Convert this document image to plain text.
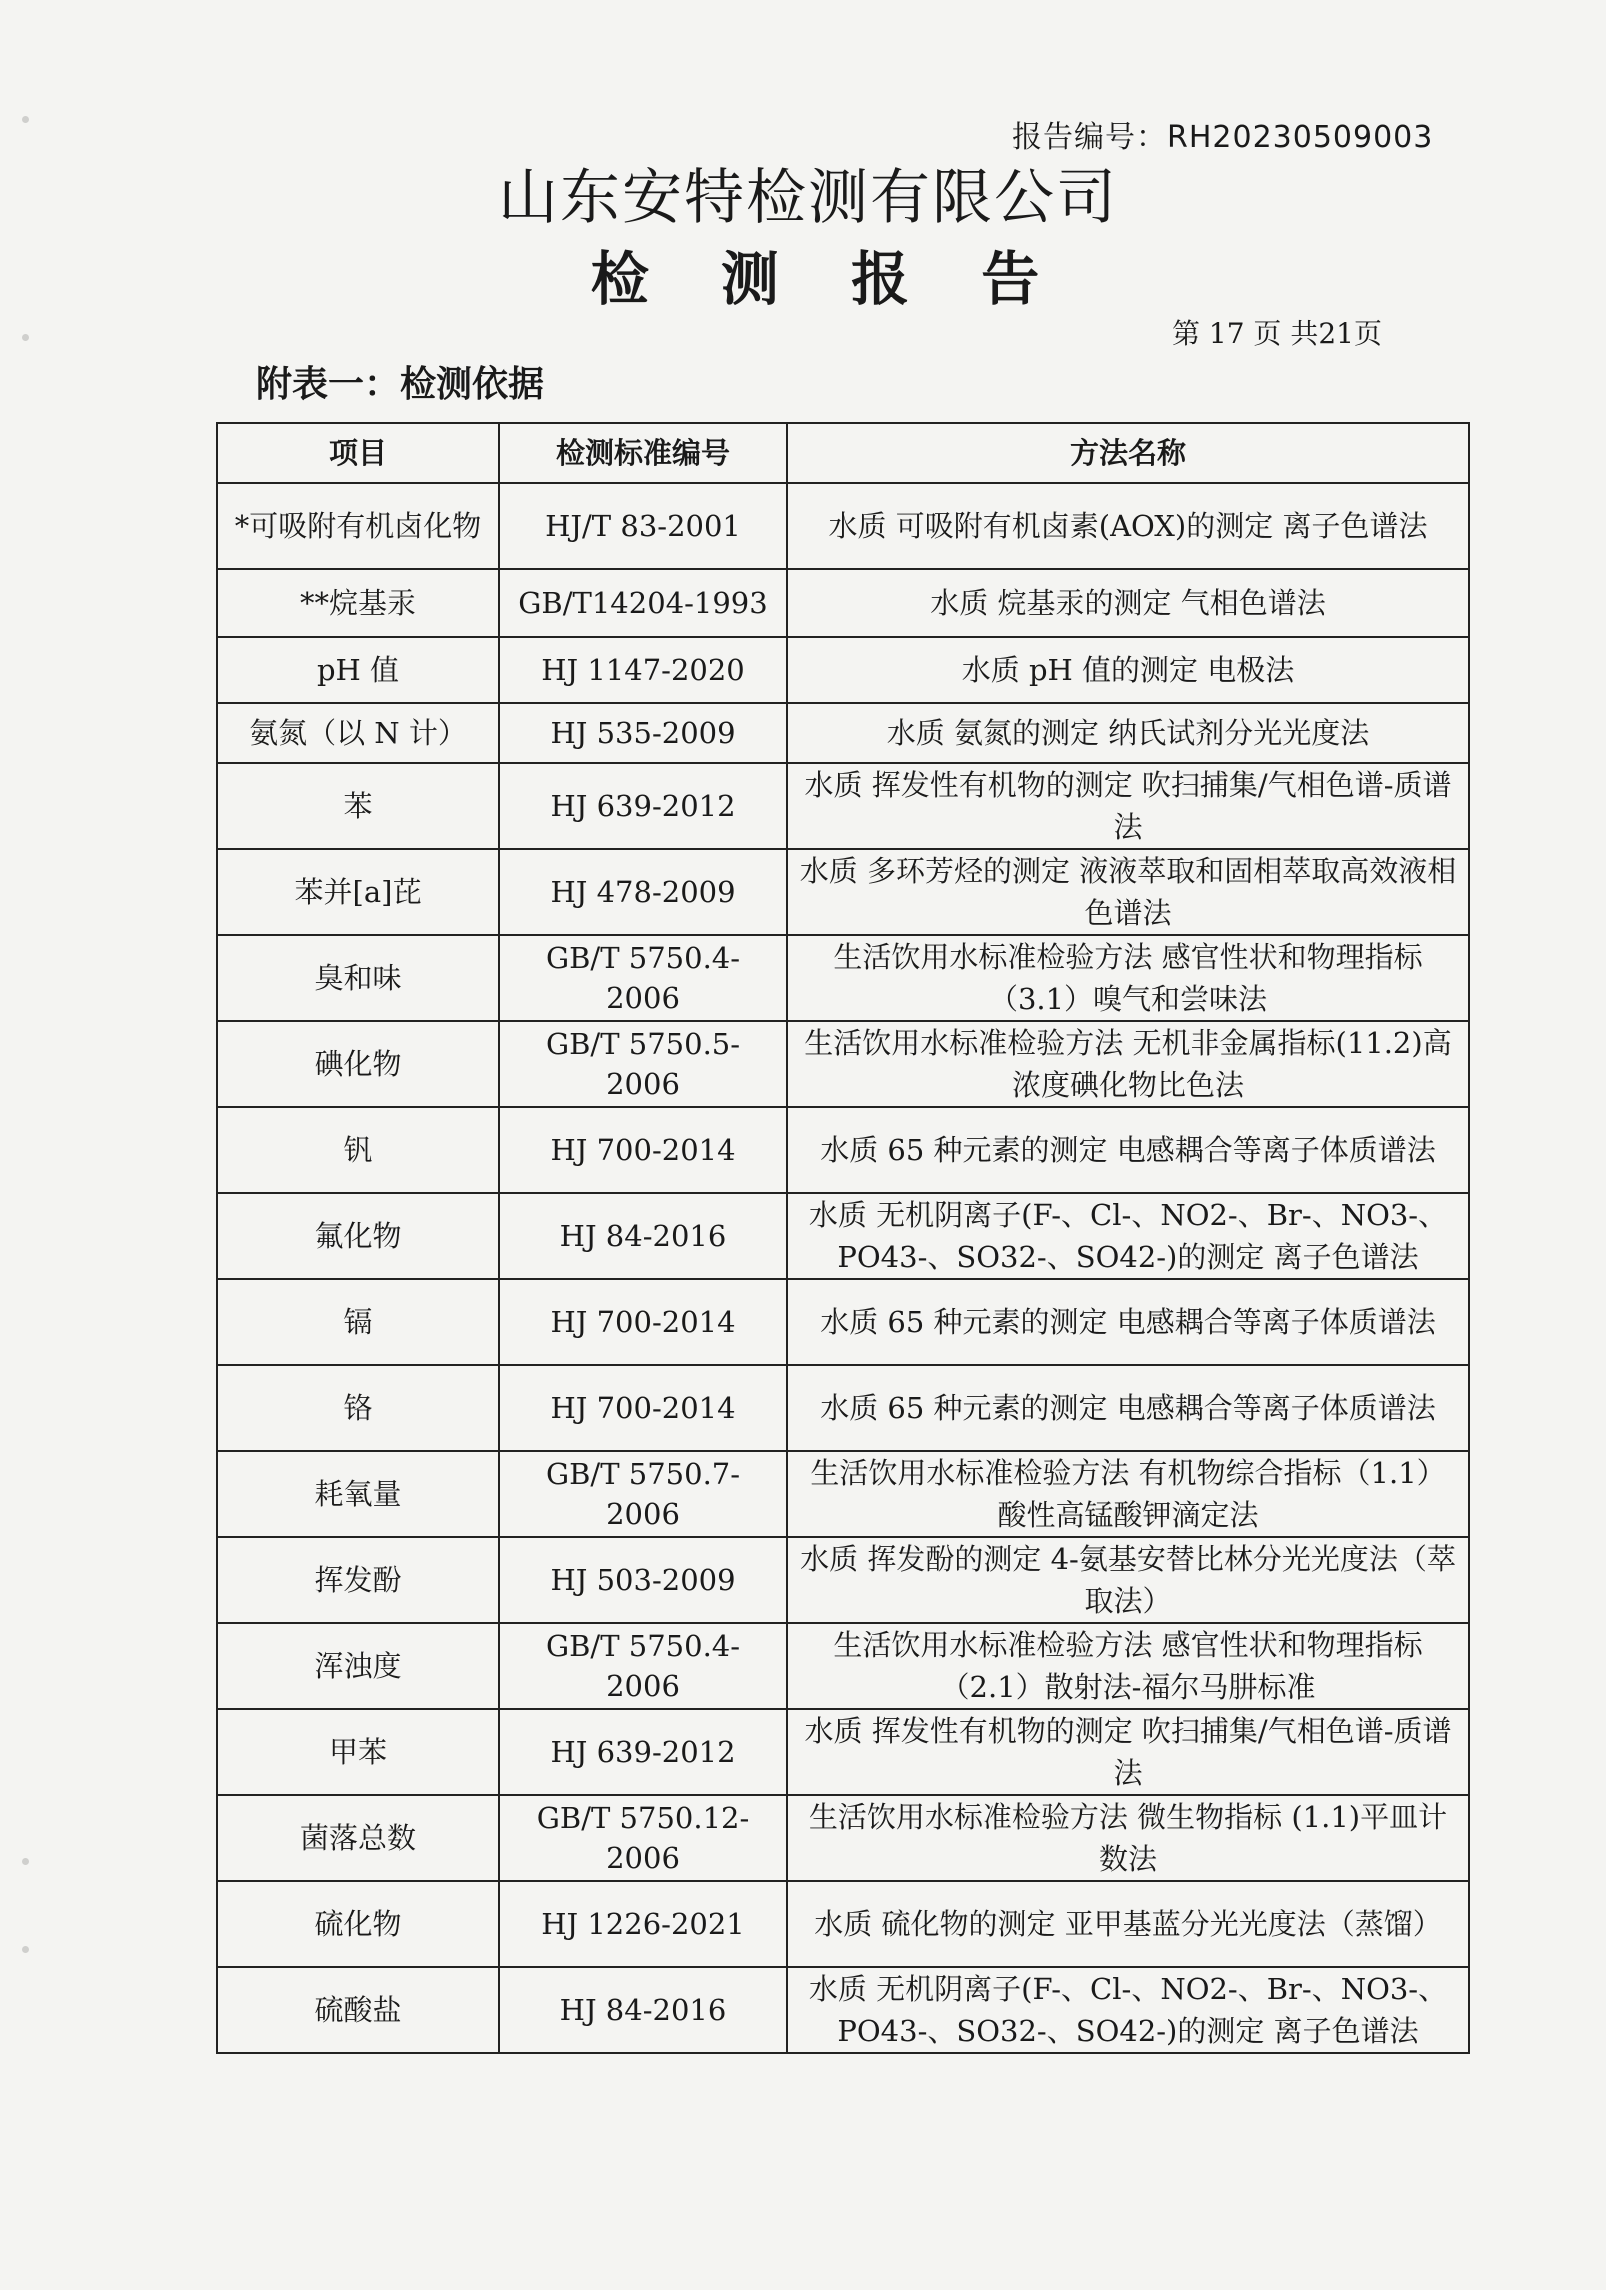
报告编号：RH20230509003
山东安特检测有限公司
检 测 报 告
第 17 页 共21页
附表一：检测依据
项目	检测标准编号	方法名称
*可吸附有机卤化物	HJ/T 83-2001	水质 可吸附有机卤素(AOX)的测定 离子色谱法
**烷基汞	GB/T14204-1993	水质 烷基汞的测定 气相色谱法
pH 值	HJ 1147-2020	水质 pH 值的测定 电极法
氨氮（以 N 计）	HJ 535-2009	水质 氨氮的测定 纳氏试剂分光光度法
苯	HJ 639-2012	水质 挥发性有机物的测定 吹扫捕集/气相色谱-质谱法
苯并[a]芘	HJ 478-2009	水质 多环芳烃的测定 液液萃取和固相萃取高效液相色谱法
臭和味	GB/T 5750.4-2006	生活饮用水标准检验方法 感官性状和物理指标 （3.1）嗅气和尝味法
碘化物	GB/T 5750.5-2006	生活饮用水标准检验方法 无机非金属指标(11.2)高浓度碘化物比色法
钒	HJ 700-2014	水质 65 种元素的测定 电感耦合等离子体质谱法
氟化物	HJ 84-2016	水质 无机阴离子(F-、Cl-、NO2-、Br-、NO3-、PO43-、SO32-、SO42-)的测定 离子色谱法
镉	HJ 700-2014	水质 65 种元素的测定 电感耦合等离子体质谱法
铬	HJ 700-2014	水质 65 种元素的测定 电感耦合等离子体质谱法
耗氧量	GB/T 5750.7-2006	生活饮用水标准检验方法 有机物综合指标（1.1）酸性高锰酸钾滴定法
挥发酚	HJ 503-2009	水质 挥发酚的测定 4-氨基安替比林分光光度法（萃取法）
浑浊度	GB/T 5750.4-2006	生活饮用水标准检验方法 感官性状和物理指标 （2.1）散射法-福尔马肼标准
甲苯	HJ 639-2012	水质 挥发性有机物的测定 吹扫捕集/气相色谱-质谱法
菌落总数	GB/T 5750.12-2006	生活饮用水标准检验方法 微生物指标 (1.1)平皿计数法
硫化物	HJ 1226-2021	水质 硫化物的测定 亚甲基蓝分光光度法（蒸馏）
硫酸盐	HJ 84-2016	水质 无机阴离子(F-、Cl-、NO2-、Br-、NO3-、PO43-、SO32-、SO42-)的测定 离子色谱法
